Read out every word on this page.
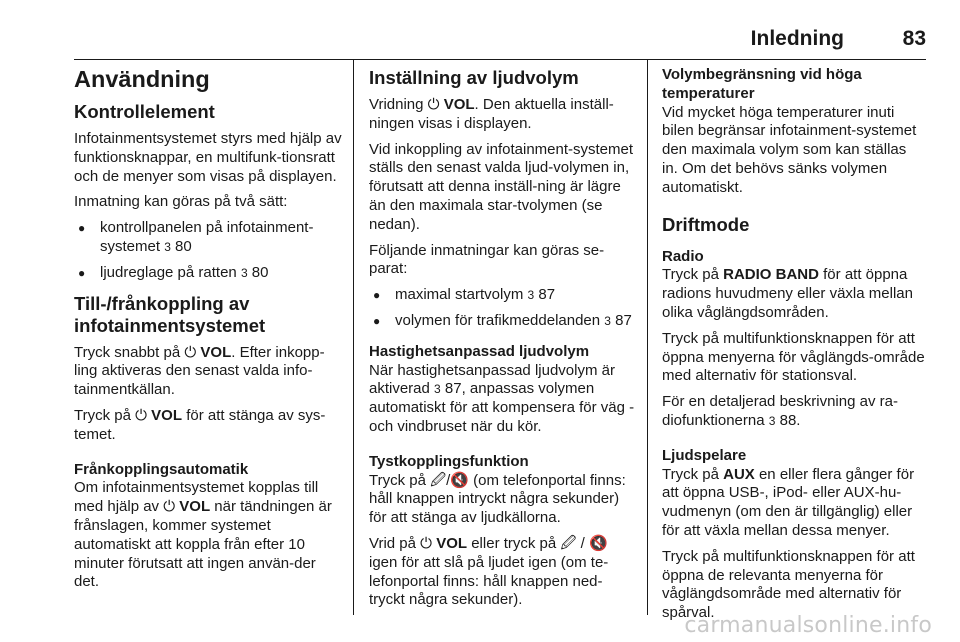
Inledning	83
Användning
Kontrollelement

Infotainmentsystemet styrs med hjälp av funktionsknappar, en multifunk-tionsratt och de menyer som visas på displayen.

Inmatning kan göras på två sätt:

● kontrollpanelen på infotainment-systemet 3 80
● ljudreglage på ratten 3 80
Till-/frånkoppling av infotainmentsystemet

Tryck snabbt på ⏻ VOL. Efter inkopp-ling aktiveras den senast valda info-tainmentkällan.

Tryck på ⏻ VOL för att stänga av sys-temet.

Frånkopplingsautomatik

Om infotainmentsystemet kopplas till med hjälp av ⏻ VOL när tändningen är frånslagen, kommer systemet automatiskt att koppla från efter 10 minuter förutsatt att ingen använ-der det.

Inställning av ljudvolym

Vridning ⏻ VOL. Den aktuella inställ-ningen visas i displayen.

Vid inkoppling av infotainment-systemet ställs den senast valda ljud-volymen in, förutsatt att denna inställ-ning är lägre än den maximala star-tvolymen (se nedan).

Följande inmatningar kan göras se-parat:

● maximal startvolym 3 87
● volymen för trafikmeddelanden 3 87
Hastighetsanpassad ljudvolym

När hastighetsanpassad ljudvolym är aktiverad 3 87, anpassas volymen automatiskt för att kompensera för väg - och vindbruset när du kör.

Tystkopplingsfunktion

Tryck på 🖉/🔇 (om telefonportal finns: håll knappen intryckt några sekunder) för att stänga av ljudkällorna.

Vrid på ⏻ VOL eller tryck på 🖉 / 🔇 igen för att slå på ljudet igen (om te-lefonportal finns: håll knappen ned-tryckt några sekunder).

Volymbegränsning vid höga temperaturer

Vid mycket höga temperaturer inuti bilen begränsar infotainment-systemet den maximala volym som kan ställas in. Om det behövs sänks volymen automatiskt.

Driftmode
Radio

Tryck på RADIO BAND för att öppna radions huvudmeny eller växla mellan olika våglängdsområden.

Tryck på multifunktionsknappen för att öppna menyerna för våglängds-område med alternativ för stationsval.

För en detaljerad beskrivning av ra-diofunktionerna 3 88.

Ljudspelare

Tryck på AUX en eller flera gånger för att öppna USB-, iPod- eller AUX-hu-vudmenyn (om den är tillgänglig) eller för att växla mellan dessa menyer.

Tryck på multifunktionsknappen för att öppna de relevanta menyerna för våglängdsområde med alternativ för spårval.

carmanualsonline.info
